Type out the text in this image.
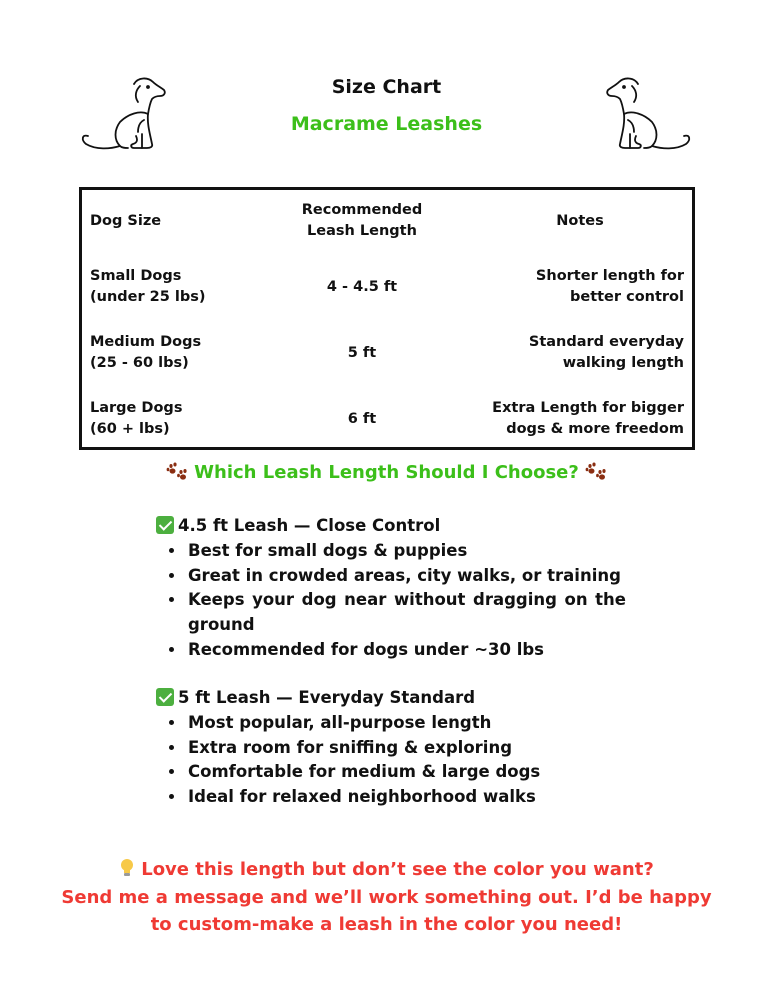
Size Chart
Macrame Leashes
Dog Size
Recommended
Leash Length
Notes
Small Dogs
(under 25 lbs)
4 - 4.5 ft
Shorter length for
better control
Medium Dogs
(25 - 60 lbs)
5 ft
Standard everyday
walking length
Large Dogs
(60 + lbs)
6 ft
Extra Length for bigger
dogs & more freedom
Which Leash Length Should I Choose?
4.5 ft Leash — Close Control
• Best for small dogs & puppies
• Great in crowded areas, city walks, or training
• Keeps your dog near without dragging on the ground
• Recommended for dogs under ~30 lbs
5 ft Leash — Everyday Standard
• Most popular, all-purpose length
• Extra room for sniffing & exploring
• Comfortable for medium & large dogs
• Ideal for relaxed neighborhood walks
Love this length but don’t see the color you want?
Send me a message and we’ll work something out. I’d be happy
to custom-make a leash in the color you need!
